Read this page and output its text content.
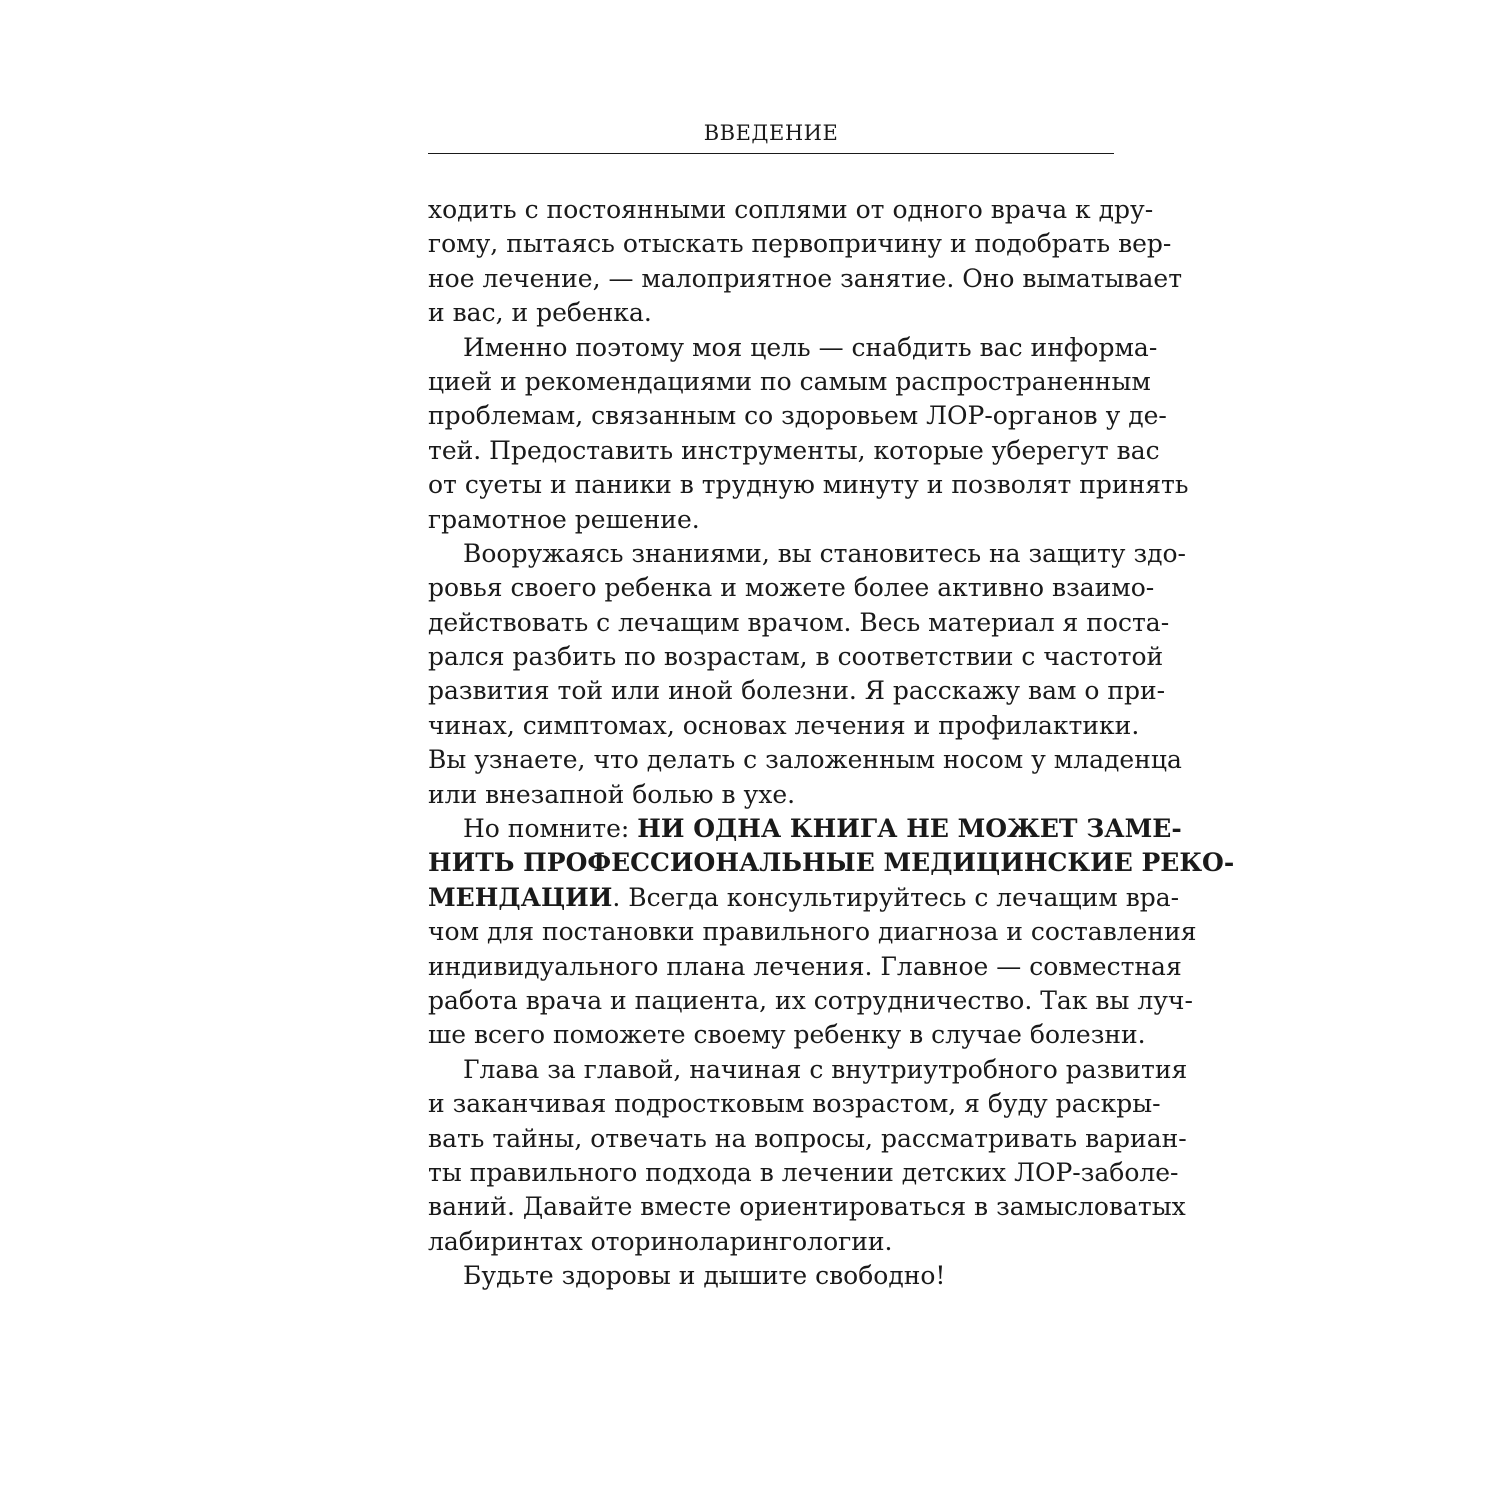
ВВЕДЕНИЕ
ходить с постоянными соплями от одного врача к дру-
гому, пытаясь отыскать первопричину и подобрать вер-
ное лечение, — малоприятное занятие. Оно выматывает
и вас, и ребенка.
Именно поэтому моя цель — снабдить вас информа-
цией и рекомендациями по самым распространенным
проблемам, связанным со здоровьем ЛОР-органов у де-
тей. Предоставить инструменты, которые уберегут вас
от суеты и паники в трудную минуту и позволят принять
грамотное решение.
Вооружаясь знаниями, вы становитесь на защиту здо-
ровья своего ребенка и можете более активно взаимо-
действовать с лечащим врачом. Весь материал я поста-
рался разбить по возрастам, в соответствии с частотой
развития той или иной болезни. Я расскажу вам о при-
чинах, симптомах, основах лечения и профилактики.
Вы узнаете, что делать с заложенным носом у младенца
или внезапной болью в ухе.
Но помните: НИ ОДНА КНИГА НЕ МОЖЕТ ЗАМЕ-
НИТЬ ПРОФЕССИОНАЛЬНЫЕ МЕДИЦИНСКИЕ РЕКО-
МЕНДАЦИИ. Всегда консультируйтесь с лечащим вра-
чом для постановки правильного диагноза и составления
индивидуального плана лечения. Главное — совместная
работа врача и пациента, их сотрудничество. Так вы луч-
ше всего поможете своему ребенку в случае болезни.
Глава за главой, начиная с внутриутробного развития
и заканчивая подростковым возрастом, я буду раскры-
вать тайны, отвечать на вопросы, рассматривать вариан-
ты правильного подхода в лечении детских ЛОР-заболе-
ваний. Давайте вместе ориентироваться в замысловатых
лабиринтах оториноларингологии.
Будьте здоровы и дышите свободно!
